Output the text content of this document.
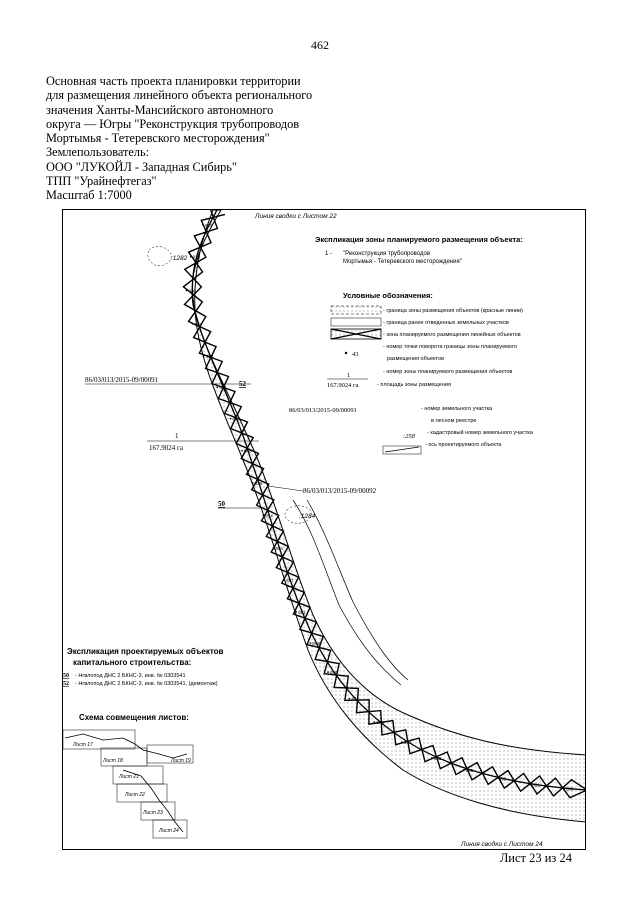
462
Основная часть проекта планировки территории
для размещения линейного объекта регионального
значения Ханты-Мансийского автономного
округа — Югры "Реконструкция трубопроводов
Мортымья - Тетеревского месторождения"
Землепользователь:
ООО "ЛУКОЙЛ - Западная Сибирь"
ТПП "Урайнефтегаз"
Масштаб 1:7000
915
912
940
897
924
891
880
868
889
874
864
857
851
849
846
842
848
867
892
896
895
881
886
Линия сводки с Листом 22
Линия сводки с Листом 24
:1282
:1284
86/03/013/2015-09/00091	52
1
167.9024 га
86/03/013/2015-09/00092
50
Экспликация зоны планируемого размещения объекта:
1 - "Реконструкция трубопроводов
Мортымья - Тетеревского месторождения"
Условные обозначения:
- граница зоны размещения объектов (красные линии)
- граница ранее отведенных земельных участков
- зона планируемого размещения линейных объектов
43
- номер точки поворота границы зоны планируемого
размещения объектов
1
167.9024 га
- номер зоны планируемого размещения объектов
- площадь зоны размещения
86/03/013/2015-09/00091	- номер земельного участка
в лесном реестре
:258 - кадастровый номер земельного участка
- ось проектируемого объекта
Экспликация проектируемых объектов
капитального строительства:
50 - Нгвлопод ДНС 2 БКНС-3, инв. № 0303541
52 - Нгвлопод ДНС 2 БКНС-3, инв. № 0303541, (демонтаж)
Схема совмещения листов:
Лист 17
Лист 18	Лист 19
Лист 21
Лист 22
Лист 23
Лист 24
Лист 23 из 24
